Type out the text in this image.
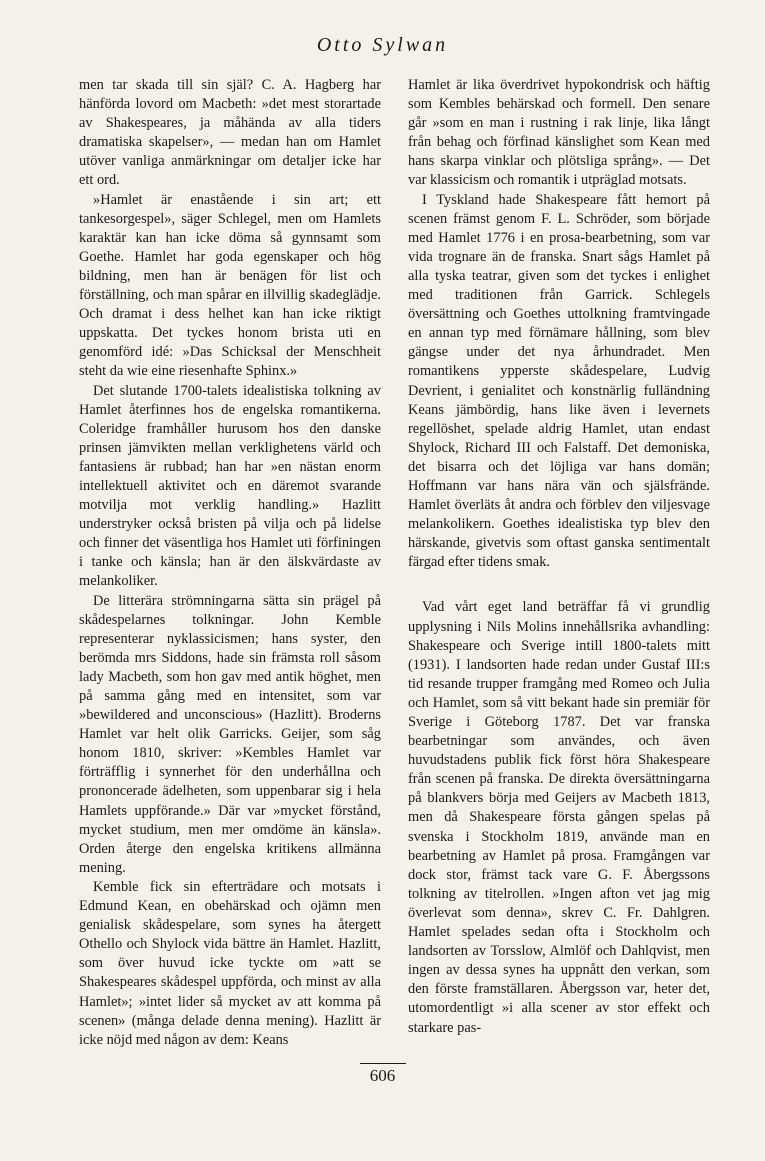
Otto Sylwan

men tar skada till sin själ? C. A. Hagberg har hänförda lovord om Macbeth: »det mest storartade av Shakespeares, ja måhända av alla tiders dramatiska skapelser», — medan han om Hamlet utöver vanliga anmärkningar om detaljer icke har ett ord.

»Hamlet är enastående i sin art; ett tankesorgespel», säger Schlegel, men om Hamlets karaktär kan han icke döma så gynnsamt som Goethe. Hamlet har goda egenskaper och hög bildning, men han är benägen för list och förställning, och man spårar en illvillig skadeglädje. Och dramat i dess helhet kan han icke riktigt uppskatta. Det tyckes honom brista uti en genomförd idé: »Das Schicksal der Menschheit steht da wie eine riesenhafte Sphinx.»

Det slutande 1700-talets idealistiska tolkning av Hamlet återfinnes hos de engelska romantikerna. Coleridge framhåller hurusom hos den danske prinsen jämvikten mellan verklighetens värld och fantasiens är rubbad; han har »en nästan enorm intellektuell aktivitet och en däremot svarande motvilja mot verklig handling.» Hazlitt understryker också bristen på vilja och på lidelse och finner det väsentliga hos Hamlet uti förfiningen i tanke och känsla; han är den älskvärdaste av melankoliker.

De litterära strömningarna sätta sin prägel på skådespelarnes tolkningar. John Kemble representerar nyklassicismen; hans syster, den berömda mrs Siddons, hade sin främsta roll såsom lady Macbeth, som hon gav med antik höghet, men på samma gång med en intensitet, som var »bewildered and unconscious» (Hazlitt). Broderns Hamlet var helt olik Garricks. Geijer, som såg honom 1810, skriver: »Kembles Hamlet var förträfflig i synnerhet för den underhållna och prononcerade ädelheten, som uppenbarar sig i hela Hamlets uppförande.» Där var »mycket förstånd, mycket studium, men mer omdöme än känsla». Orden återge den engelska kritikens allmänna mening.

Kemble fick sin efterträdare och motsats i Edmund Kean, en obehärskad och ojämn men genialisk skådespelare, som synes ha återgett Othello och Shylock vida bättre än Hamlet. Hazlitt, som över huvud icke tyckte om »att se Shakespeares skådespel uppförda, och minst av alla Hamlet»; »intet lider så mycket av att komma på scenen» (många delade denna mening). Hazlitt är icke nöjd med någon av dem: Keans

Hamlet är lika överdrivet hypokondrisk och häftig som Kembles behärskad och formell. Den senare går »som en man i rustning i rak linje, lika långt från behag och förfinad känslighet som Kean med hans skarpa vinklar och plötsliga språng». — Det var klassicism och romantik i utpräglad motsats.

I Tyskland hade Shakespeare fått hemort på scenen främst genom F. L. Schröder, som började med Hamlet 1776 i en prosa-bearbetning, som var vida trognare än de franska. Snart sågs Hamlet på alla tyska teatrar, given som det tyckes i enlighet med traditionen från Garrick. Schlegels översättning och Goethes uttolkning framtvingade en annan typ med förnämare hållning, som blev gängse under det nya århundradet. Men romantikens ypperste skådespelare, Ludvig Devrient, i genialitet och konstnärlig fulländning Keans jämbördig, hans like även i levernets regellöshet, spelade aldrig Hamlet, utan endast Shylock, Richard III och Falstaff. Det demoniska, det bisarra och det löjliga var hans domän; Hoffmann var hans nära vän och själsfrände. Hamlet överläts åt andra och förblev den viljesvage melankolikern. Goethes idealistiska typ blev den härskande, givetvis som oftast ganska sentimentalt färgad efter tidens smak.

Vad vårt eget land beträffar få vi grundlig upplysning i Nils Molins innehållsrika avhandling: Shakespeare och Sverige intill 1800-talets mitt (1931). I landsorten hade redan under Gustaf III:s tid resande trupper framgång med Romeo och Julia och Hamlet, som så vitt bekant hade sin premiär för Sverige i Göteborg 1787. Det var franska bearbetningar som användes, och även huvudstadens publik fick först höra Shakespeare från scenen på franska. De direkta översättningarna på blankvers börja med Geijers av Macbeth 1813, men då Shakespeare första gången spelas på svenska i Stockholm 1819, använde man en bearbetning av Hamlet på prosa. Framgången var dock stor, främst tack vare G. F. Åbergssons tolkning av titelrollen. »Ingen afton vet jag mig överlevat som denna», skrev C. Fr. Dahlgren. Hamlet spelades sedan ofta i Stockholm och landsorten av Torsslow, Almlöf och Dahlqvist, men ingen av dessa synes ha uppnått den verkan, som den förste framställaren. Åbergsson var, heter det, utomordentligt »i alla scener av stor effekt och starkare pas-

606
